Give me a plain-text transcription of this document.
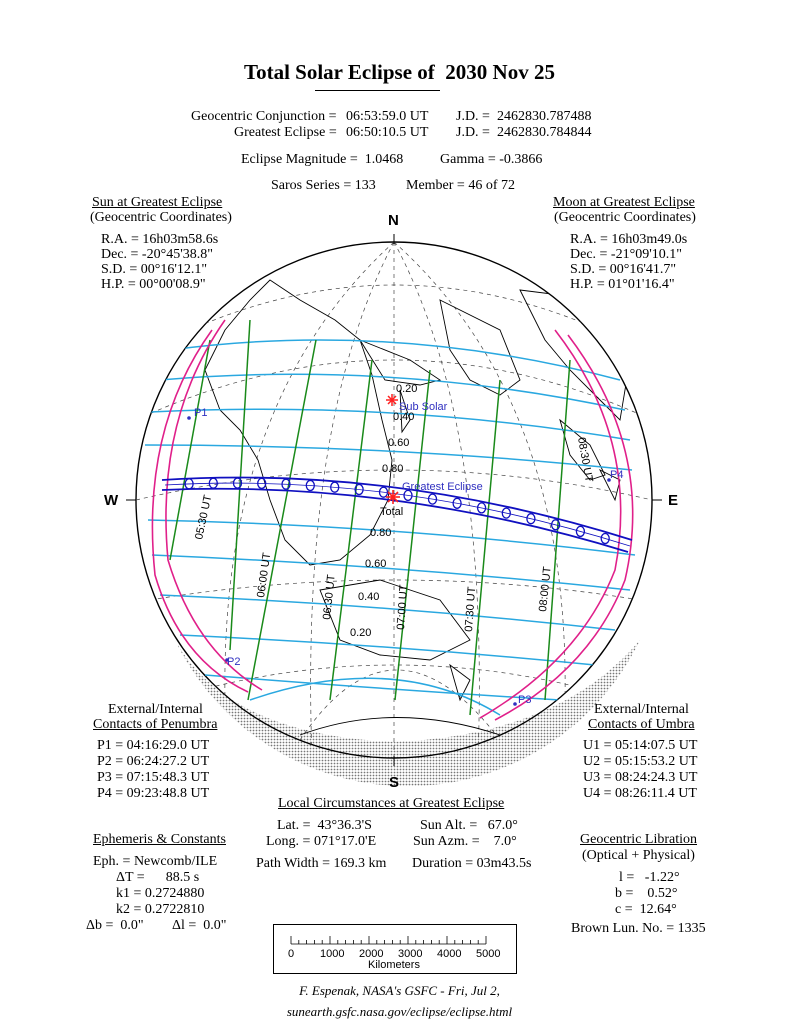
Total Solar Eclipse of  2030 Nov 25
Geocentric Conjunction = 06:53:59.0 UT J.D. =  2462830.787488
Greatest Eclipse = 06:50:10.5 UT J.D. =  2462830.784844
Eclipse Magnitude =  1.0468	Gamma = -0.3866
Saros Series = 133 Member = 46 of 72
Sun at Greatest Eclipse
(Geocentric Coordinates)
R.A. = 16h03m58.6s
Dec. = -20°45'38.8"
S.D. = 00°16'12.1"
H.P. = 00°00'08.9"
Moon at Greatest Eclipse
(Geocentric Coordinates)
R.A. = 16h03m49.0s
Dec. = -21°09'10.1"
S.D. = 00°16'41.7"
H.P. = 01°01'16.4"
N
S
W	E
0.20
0.40
0.60
0.80
0.80
0.60
0.40
0.20
05:30 UT
06:00 UT	06:30 UT	07:00 UT	07:30 UT	08:00 UT
08:30 UT
Sub Solar
Greatest Eclipse
Total
P1
P2
P3
P4
External/Internal
Contacts of Penumbra
P1 = 04:16:29.0 UT
P2 = 06:24:27.2 UT
P3 = 07:15:48.3 UT
P4 = 09:23:48.8 UT
External/Internal
Contacts of Umbra
U1 = 05:14:07.5 UT
U2 = 05:15:53.2 UT
U3 = 08:24:24.3 UT
U4 = 08:26:11.4 UT
Local Circumstances at Greatest Eclipse
Lat. =  43°36.3'S
Long. = 071°17.0'E
Sun Alt. =   67.0°
Sun Azm. =    7.0°
Path Width = 169.3 km Duration = 03m43.5s
Ephemeris & Constants
Eph. = Newcomb/ILE
ΔT =      88.5 s
k1 = 0.2724880
k2 = 0.2722810
Δb =  0.0" Δl =  0.0"
Geocentric Libration
(Optical + Physical)
l =   -1.22°
b =    0.52°
c =  12.64°
Brown Lun. No. = 1335
0 1000 2000 3000 4000 5000
Kilometers
F. Espenak, NASA's GSFC - Fri, Jul 2,
sunearth.gsfc.nasa.gov/eclipse/eclipse.html
